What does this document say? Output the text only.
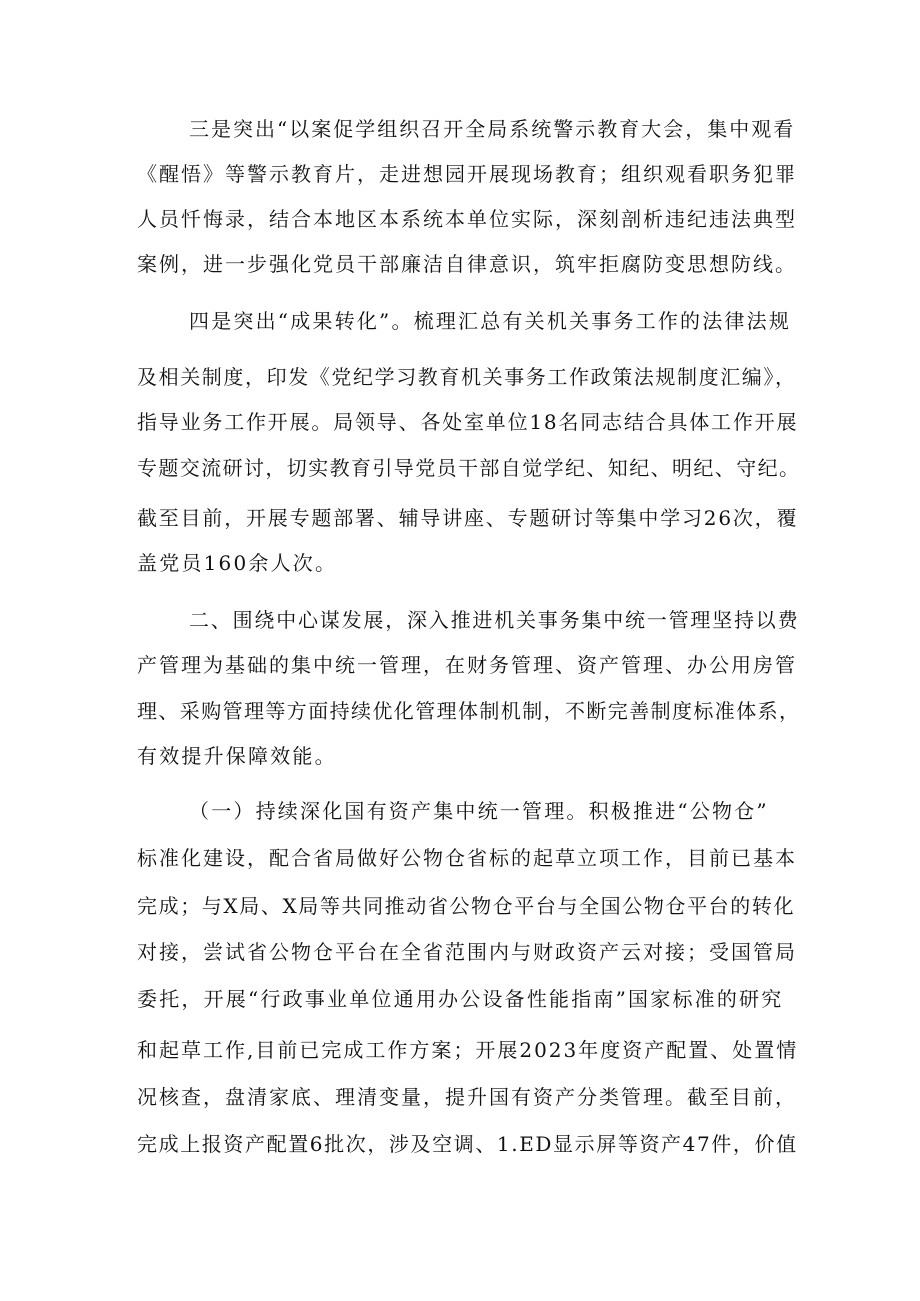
三是突出“以案促学组织召开全局系统警示教育大会，集中观看
《醒悟》等警示教育片，走进想园开展现场教育；组织观看职务犯罪
人员忏悔录，结合本地区本系统本单位实际，深刻剖析违纪违法典型
案例，进一步强化党员干部廉洁自律意识，筑牢拒腐防变思想防线。
四是突出“成果转化”。梳理汇总有关机关事务工作的法律法规
及相关制度，印发《党纪学习教育机关事务工作政策法规制度汇编》，
指导业务工作开展。局领导、各处室单位18名同志结合具体工作开展
专题交流研讨，切实教育引导党员干部自觉学纪、知纪、明纪、守纪。
截至目前，开展专题部署、辅导讲座、专题研讨等集中学习26次，覆
盖党员160余人次。
二、围绕中心谋发展，深入推进机关事务集中统一管理坚持以费
产管理为基础的集中统一管理，在财务管理、资产管理、办公用房管
理、采购管理等方面持续优化管理体制机制，不断完善制度标准体系，
有效提升保障效能。
（一）持续深化国有资产集中统一管理。积极推进“公物仓”
标准化建设，配合省局做好公物仓省标的起草立项工作，目前已基本
完成；与X局、X局等共同推动省公物仓平台与全国公物仓平台的转化
对接，尝试省公物仓平台在全省范围内与财政资产云对接；受国管局
委托，开展“行政事业单位通用办公设备性能指南”国家标准的研究
和起草工作,目前已完成工作方案；开展2023年度资产配置、处置情
况核查，盘清家底、理清变量，提升国有资产分类管理。截至目前，
完成上报资产配置6批次，涉及空调、1.ED显示屏等资产47件，价值
